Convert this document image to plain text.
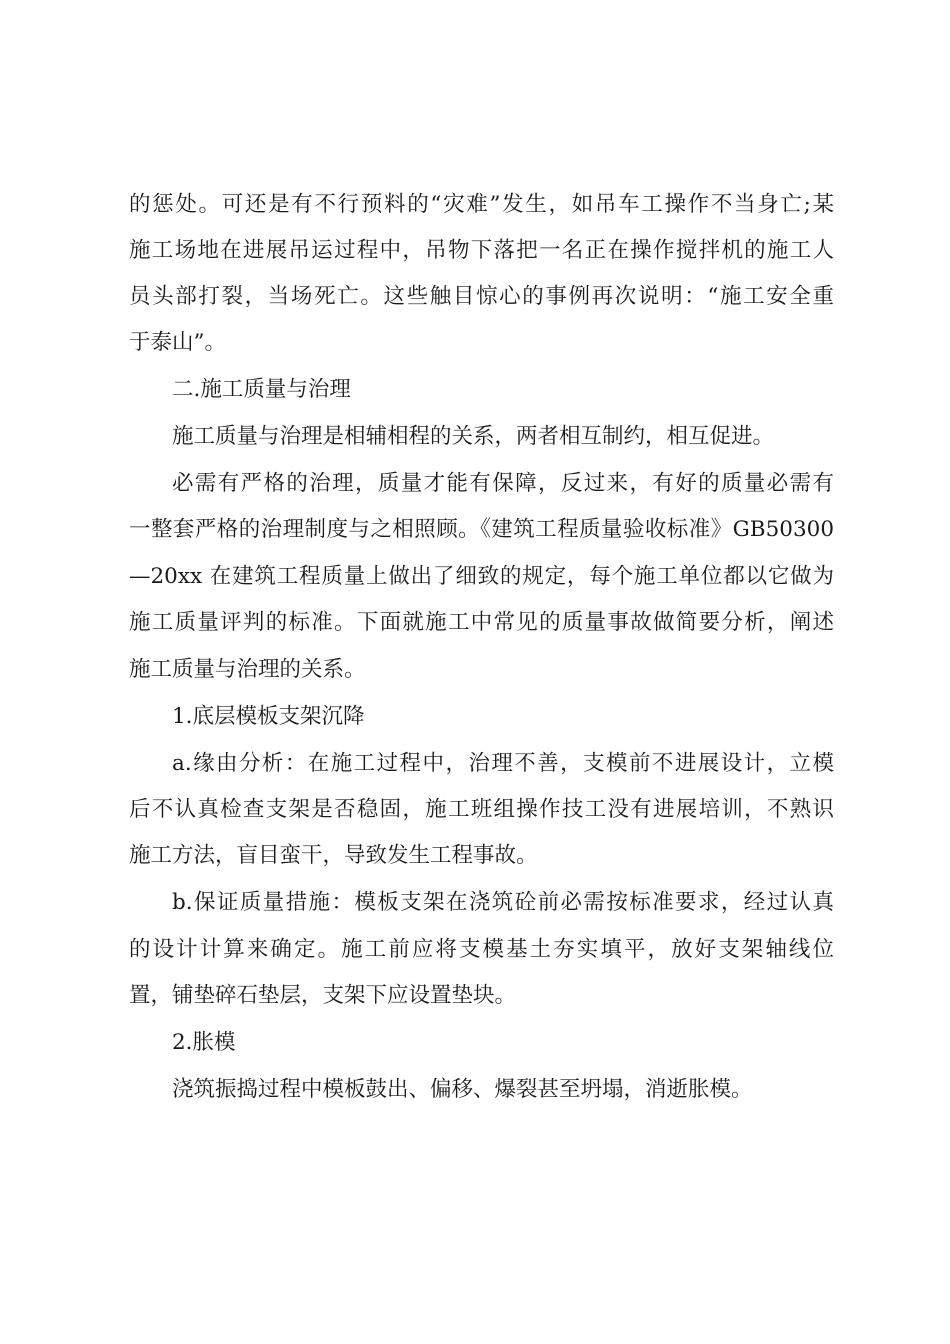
的惩处。可还是有不行预料的“灾难”发生，如吊车工操作不当身亡;某
施工场地在进展吊运过程中，吊物下落把一名正在操作搅拌机的施工人
员头部打裂，当场死亡。这些触目惊心的事例再次说明：“施工安全重
于泰山”。
二.施工质量与治理
施工质量与治理是相辅相程的关系，两者相互制约，相互促进。
必需有严格的治理，质量才能有保障，反过来，有好的质量必需有
一整套严格的治理制度与之相照顾。《建筑工程质量验收标准》GB50300
—20xx 在建筑工程质量上做出了细致的规定，每个施工单位都以它做为
施工质量评判的标准。下面就施工中常见的质量事故做简要分析，阐述
施工质量与治理的关系。
1.底层模板支架沉降
a.缘由分析：在施工过程中，治理不善，支模前不进展设计，立模
后不认真检查支架是否稳固，施工班组操作技工没有进展培训，不熟识
施工方法，盲目蛮干，导致发生工程事故。
b.保证质量措施：模板支架在浇筑砼前必需按标准要求，经过认真
的设计计算来确定。施工前应将支模基土夯实填平，放好支架轴线位
置，铺垫碎石垫层，支架下应设置垫块。
2.胀模
浇筑振捣过程中模板鼓出、偏移、爆裂甚至坍塌，消逝胀模。
